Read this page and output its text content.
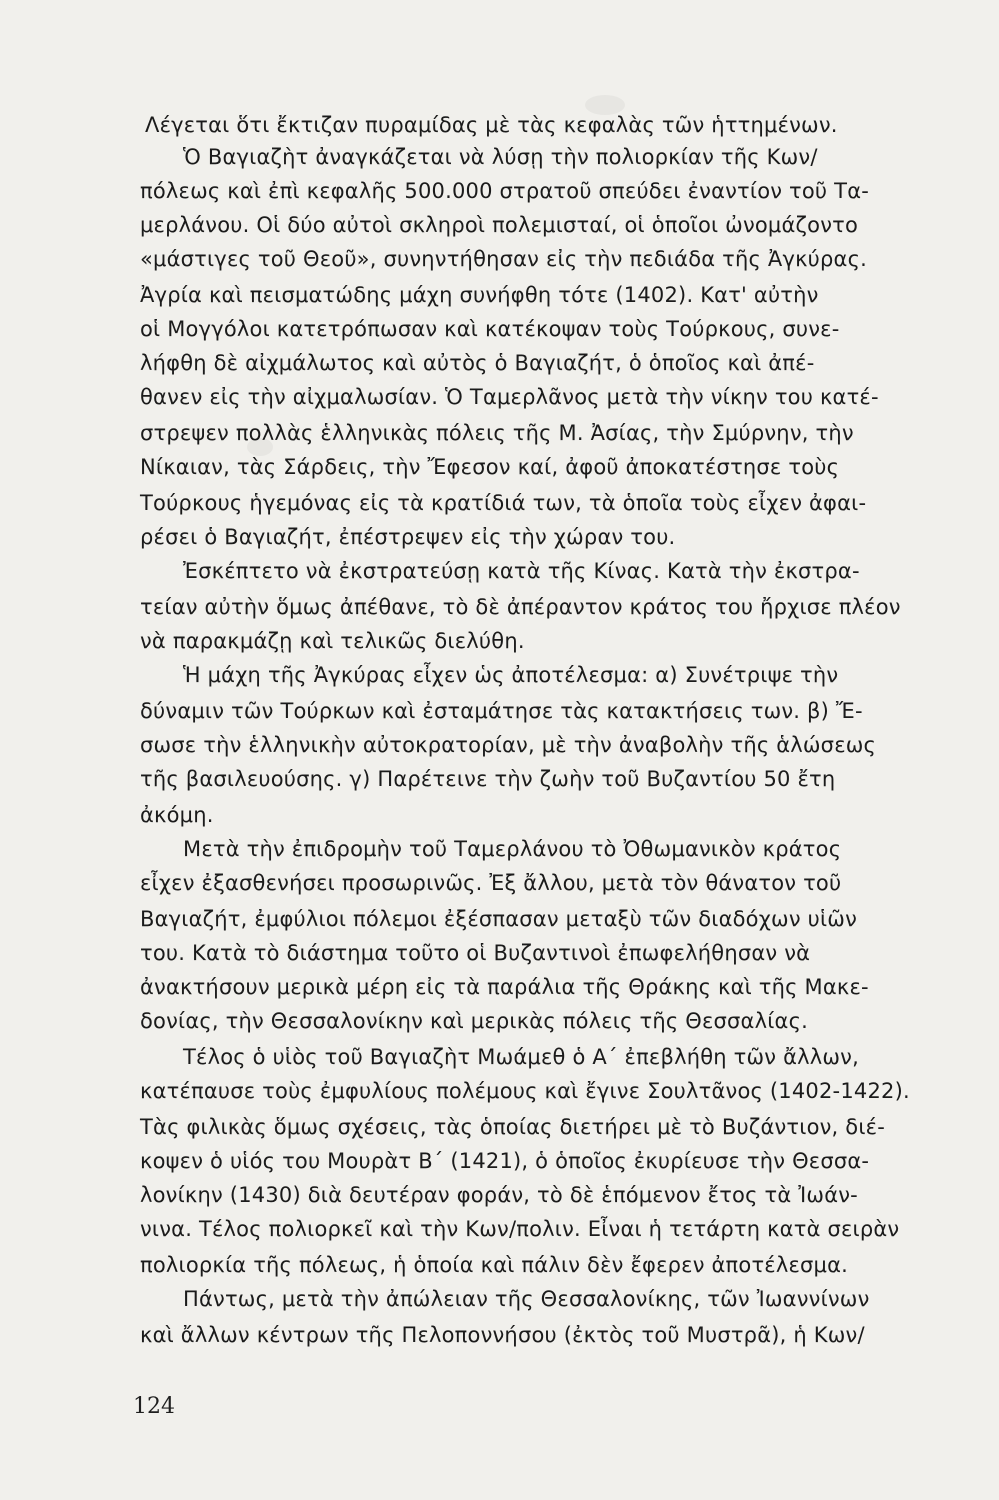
Λέγεται ὅτι ἔκτιζαν πυραμίδας μὲ τὰς κεφαλὰς τῶν ἡττημένων.
Ὁ Βαγιαζὴτ ἀναγκάζεται νὰ λύσῃ τὴν πολιορκίαν τῆς Κων/
πόλεως καὶ ἐπὶ κεφαλῆς 500.000 στρατοῦ σπεύδει ἐναντίον τοῦ Τα-
μερλάνου. Οἱ δύο αὐτοὶ σκληροὶ πολεμισταί, οἱ ὁποῖοι ὠνομάζοντο
«μάστιγες τοῦ Θεοῦ», συνηντήθησαν εἰς τὴν πεδιάδα τῆς Ἀγκύρας.
Ἀγρία καὶ πεισματώδης μάχη συνήφθη τότε (1402). Κατ' αὐτὴν
οἱ Μογγόλοι κατετρόπωσαν καὶ κατέκοψαν τοὺς Τούρκους, συνε-
λήφθη δὲ αἰχμάλωτος καὶ αὐτὸς ὁ Βαγιαζήτ, ὁ ὁποῖος καὶ ἀπέ-
θανεν εἰς τὴν αἰχμαλωσίαν. Ὁ Ταμερλᾶνος μετὰ τὴν νίκην του κατέ-
στρεψεν πολλὰς ἑλληνικὰς πόλεις τῆς Μ. Ἀσίας, τὴν Σμύρνην, τὴν
Νίκαιαν, τὰς Σάρδεις, τὴν Ἔφεσον καί, ἀφοῦ ἀποκατέστησε τοὺς
Τούρκους ἡγεμόνας εἰς τὰ κρατίδιά των, τὰ ὁποῖα τοὺς εἶχεν ἀφαι-
ρέσει ὁ Βαγιαζήτ, ἐπέστρεψεν εἰς τὴν χώραν του.
Ἐσκέπτετο νὰ ἐκστρατεύσῃ κατὰ τῆς Κίνας. Κατὰ τὴν ἐκστρα-
τείαν αὐτὴν ὅμως ἀπέθανε, τὸ δὲ ἀπέραντον κράτος του ἤρχισε πλέον
νὰ παρακμάζῃ καὶ τελικῶς διελύθη.
Ἡ μάχη τῆς Ἀγκύρας εἶχεν ὡς ἀποτέλεσμα: α) Συνέτριψε τὴν
δύναμιν τῶν Τούρκων καὶ ἐσταμάτησε τὰς κατακτήσεις των. β) Ἔ-
σωσε τὴν ἑλληνικὴν αὐτοκρατορίαν, μὲ τὴν ἀναβολὴν τῆς ἁλώσεως
τῆς βασιλευούσης. γ) Παρέτεινε τὴν ζωὴν τοῦ Βυζαντίου 50 ἔτη
ἀκόμη.
Μετὰ τὴν ἐπιδρομὴν τοῦ Ταμερλάνου τὸ Ὀθωμανικὸν κράτος
εἶχεν ἐξασθενήσει προσωρινῶς. Ἐξ ἄλλου, μετὰ τὸν θάνατον τοῦ
Βαγιαζήτ, ἐμφύλιοι πόλεμοι ἐξέσπασαν μεταξὺ τῶν διαδόχων υἱῶν
του. Κατὰ τὸ διάστημα τοῦτο οἱ Βυζαντινοὶ ἐπωφελήθησαν νὰ
ἀνακτήσουν μερικὰ μέρη εἰς τὰ παράλια τῆς Θράκης καὶ τῆς Μακε-
δονίας, τὴν Θεσσαλονίκην καὶ μερικὰς πόλεις τῆς Θεσσαλίας.
Τέλος ὁ υἱὸς τοῦ Βαγιαζὴτ Μωάμεθ ὁ Α΄ ἐπεβλήθη τῶν ἄλλων,
κατέπαυσε τοὺς ἐμφυλίους πολέμους καὶ ἔγινε Σουλτᾶνος (1402-1422).
Τὰς φιλικὰς ὅμως σχέσεις, τὰς ὁποίας διετήρει μὲ τὸ Βυζάντιον, διέ-
κοψεν ὁ υἱός του Μουρὰτ Β΄ (1421), ὁ ὁποῖος ἐκυρίευσε τὴν Θεσσα-
λονίκην (1430) διὰ δευτέραν φοράν, τὸ δὲ ἑπόμενον ἔτος τὰ Ἰωάν-
νινα. Τέλος πολιορκεῖ καὶ τὴν Κων/πολιν. Εἶναι ἡ τετάρτη κατὰ σειρὰν
πολιορκία τῆς πόλεως, ἡ ὁποία καὶ πάλιν δὲν ἔφερεν ἀποτέλεσμα.
Πάντως, μετὰ τὴν ἀπώλειαν τῆς Θεσσαλονίκης, τῶν Ἰωαννίνων
καὶ ἄλλων κέντρων τῆς Πελοποννήσου (ἐκτὸς τοῦ Μυστρᾶ), ἡ Κων/
124
